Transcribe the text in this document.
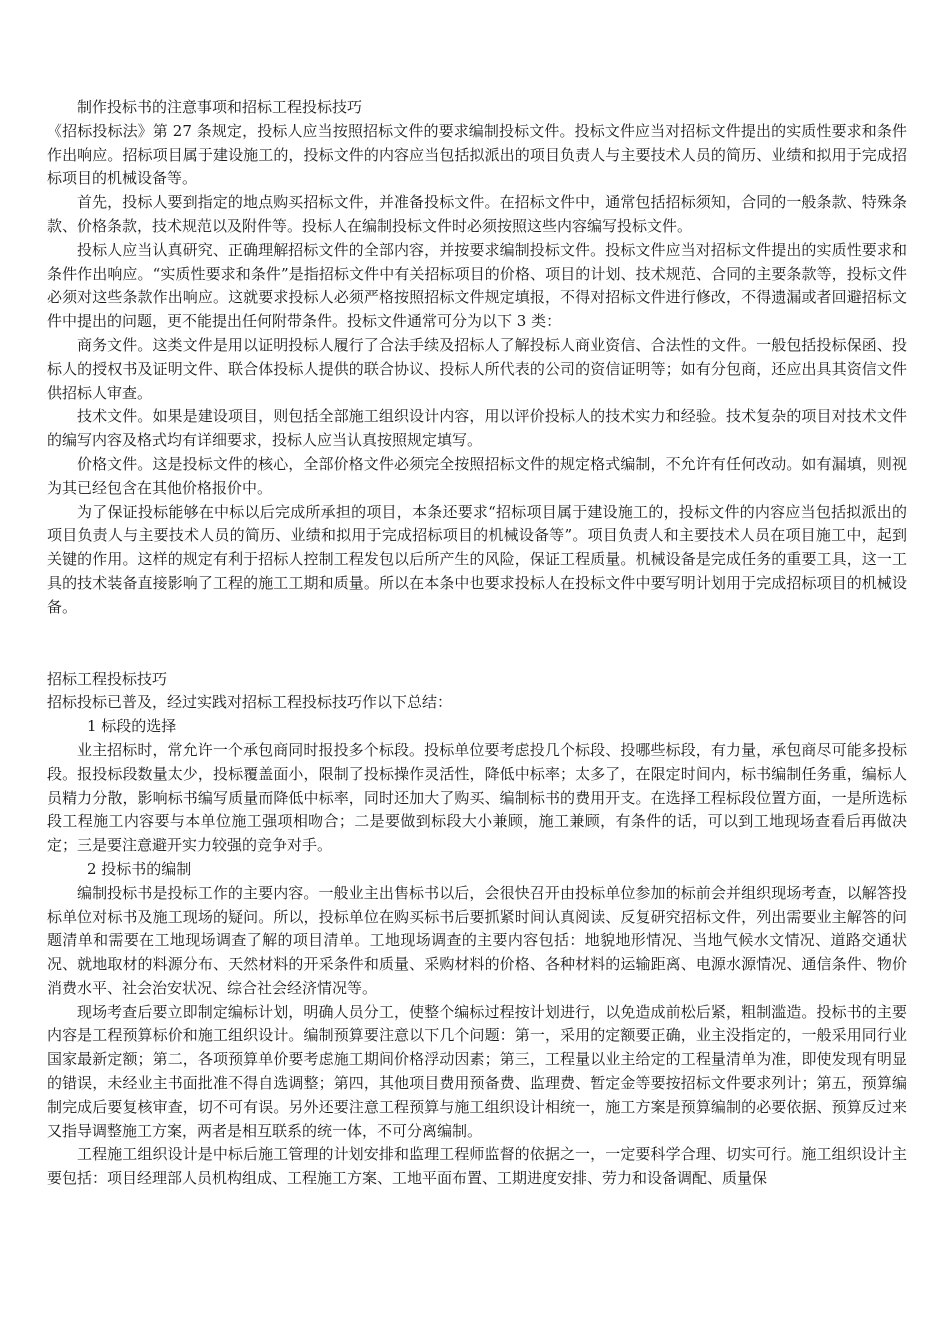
制作投标书的注意事项和招标工程投标技巧

《招标投标法》第 27 条规定，投标人应当按照招标文件的要求编制投标文件。投标文件应当对招标文件提出的实质性要求和条件作出响应。招标项目属于建设施工的，投标文件的内容应当包括拟派出的项目负责人与主要技术人员的简历、业绩和拟用于完成招标项目的机械设备等。

首先，投标人要到指定的地点购买招标文件，并准备投标文件。在招标文件中，通常包括招标须知，合同的一般条款、特殊条款、价格条款，技术规范以及附件等。投标人在编制投标文件时必须按照这些内容编写投标文件。

投标人应当认真研究、正确理解招标文件的全部内容，并按要求编制投标文件。投标文件应当对招标文件提出的实质性要求和条件作出响应。“实质性要求和条件”是指招标文件中有关招标项目的价格、项目的计划、技术规范、合同的主要条款等，投标文件必须对这些条款作出响应。这就要求投标人必须严格按照招标文件规定填报，不得对招标文件进行修改，不得遗漏或者回避招标文件中提出的问题，更不能提出任何附带条件。投标文件通常可分为以下 3 类：

商务文件。这类文件是用以证明投标人履行了合法手续及招标人了解投标人商业资信、合法性的文件。一般包括投标保函、投标人的授权书及证明文件、联合体投标人提供的联合协议、投标人所代表的公司的资信证明等；如有分包商，还应出具其资信文件供招标人审查。

技术文件。如果是建设项目，则包括全部施工组织设计内容，用以评价投标人的技术实力和经验。技术复杂的项目对技术文件的编写内容及格式均有详细要求，投标人应当认真按照规定填写。

价格文件。这是投标文件的核心，全部价格文件必须完全按照招标文件的规定格式编制，不允许有任何改动。如有漏填，则视为其已经包含在其他价格报价中。

为了保证投标能够在中标以后完成所承担的项目，本条还要求“招标项目属于建设施工的，投标文件的内容应当包括拟派出的项目负责人与主要技术人员的简历、业绩和拟用于完成招标项目的机械设备等”。项目负责人和主要技术人员在项目施工中，起到关键的作用。这样的规定有利于招标人控制工程发包以后所产生的风险，保证工程质量。机械设备是完成任务的重要工具，这一工具的技术装备直接影响了工程的施工工期和质量。所以在本条中也要求投标人在投标文件中要写明计划用于完成招标项目的机械设备。

招标工程投标技巧

招标投标已普及，经过实践对招标工程投标技巧作以下总结：

1 标段的选择

业主招标时，常允许一个承包商同时报投多个标段。投标单位要考虑投几个标段、投哪些标段，有力量，承包商尽可能多投标段。报投标段数量太少，投标覆盖面小，限制了投标操作灵活性，降低中标率；太多了，在限定时间内，标书编制任务重，编标人员精力分散，影响标书编写质量而降低中标率，同时还加大了购买、编制标书的费用开支。在选择工程标段位置方面，一是所选标段工程施工内容要与本单位施工强项相吻合；二是要做到标段大小兼顾，施工兼顾，有条件的话，可以到工地现场查看后再做决定；三是要注意避开实力较强的竞争对手。

2 投标书的编制

编制投标书是投标工作的主要内容。一般业主出售标书以后，会很快召开由投标单位参加的标前会并组织现场考查，以解答投标单位对标书及施工现场的疑问。所以，投标单位在购买标书后要抓紧时间认真阅读、反复研究招标文件，列出需要业主解答的问题清单和需要在工地现场调查了解的项目清单。工地现场调查的主要内容包括：地貌地形情况、当地气候水文情况、道路交通状况、就地取材的料源分布、天然材料的开采条件和质量、采购材料的价格、各种材料的运输距离、电源水源情况、通信条件、物价消费水平、社会治安状况、综合社会经济情况等。

现场考查后要立即制定编标计划，明确人员分工，使整个编标过程按计划进行，以免造成前松后紧，粗制滥造。投标书的主要内容是工程预算标价和施工组织设计。编制预算要注意以下几个问题：第一，采用的定额要正确，业主没指定的，一般采用同行业国家最新定额；第二，各项预算单价要考虑施工期间价格浮动因素；第三，工程量以业主给定的工程量清单为准，即使发现有明显的错误，未经业主书面批准不得自选调整；第四，其他项目费用预备费、监理费、暂定金等要按招标文件要求列计；第五，预算编制完成后要复核审查，切不可有误。另外还要注意工程预算与施工组织设计相统一，施工方案是预算编制的必要依据、预算反过来又指导调整施工方案，两者是相互联系的统一体，不可分离编制。

工程施工组织设计是中标后施工管理的计划安排和监理工程师监督的依据之一，一定要科学合理、切实可行。施工组织设计主要包括：项目经理部人员机构组成、工程施工方案、工地平面布置、工期进度安排、劳力和设备调配、质量保
